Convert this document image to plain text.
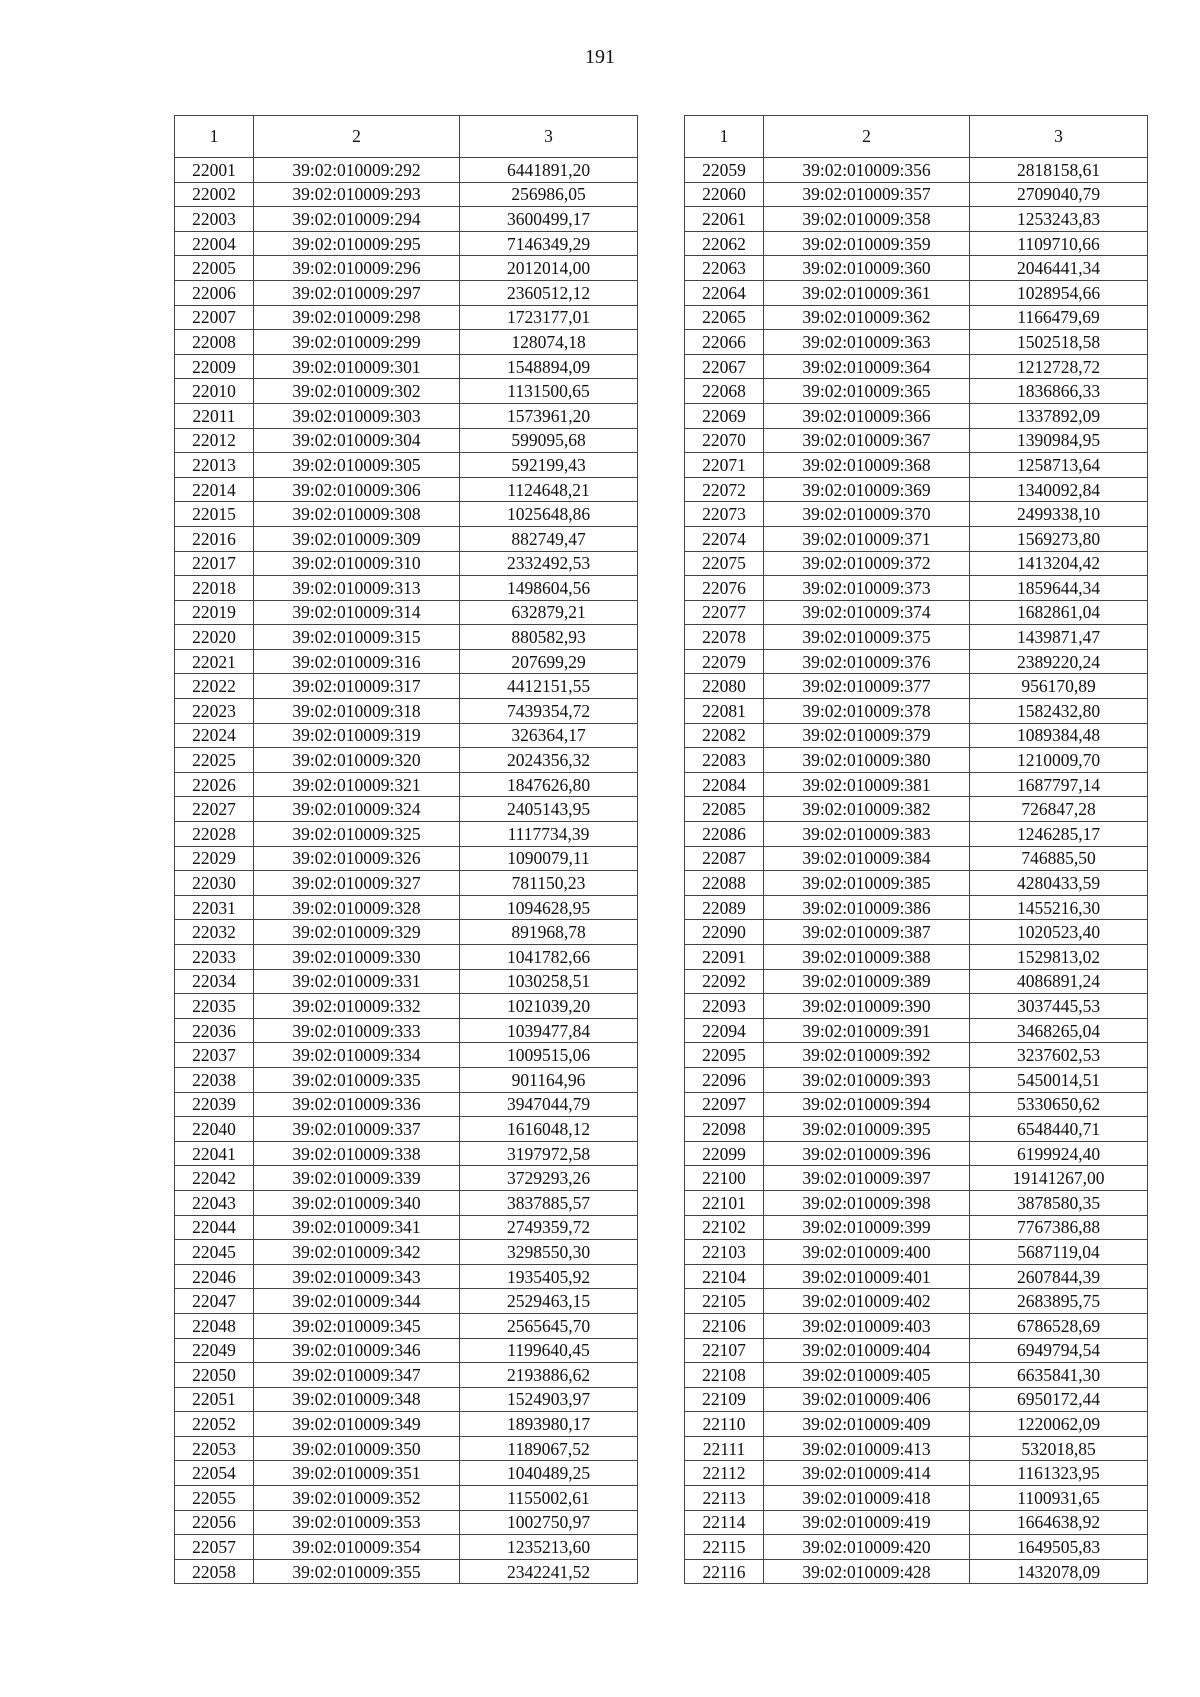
191
1	2	3
22001	39:02:010009:292	6441891,20
22002	39:02:010009:293	256986,05
22003	39:02:010009:294	3600499,17
22004	39:02:010009:295	7146349,29
22005	39:02:010009:296	2012014,00
22006	39:02:010009:297	2360512,12
22007	39:02:010009:298	1723177,01
22008	39:02:010009:299	128074,18
22009	39:02:010009:301	1548894,09
22010	39:02:010009:302	1131500,65
22011	39:02:010009:303	1573961,20
22012	39:02:010009:304	599095,68
22013	39:02:010009:305	592199,43
22014	39:02:010009:306	1124648,21
22015	39:02:010009:308	1025648,86
22016	39:02:010009:309	882749,47
22017	39:02:010009:310	2332492,53
22018	39:02:010009:313	1498604,56
22019	39:02:010009:314	632879,21
22020	39:02:010009:315	880582,93
22021	39:02:010009:316	207699,29
22022	39:02:010009:317	4412151,55
22023	39:02:010009:318	7439354,72
22024	39:02:010009:319	326364,17
22025	39:02:010009:320	2024356,32
22026	39:02:010009:321	1847626,80
22027	39:02:010009:324	2405143,95
22028	39:02:010009:325	1117734,39
22029	39:02:010009:326	1090079,11
22030	39:02:010009:327	781150,23
22031	39:02:010009:328	1094628,95
22032	39:02:010009:329	891968,78
22033	39:02:010009:330	1041782,66
22034	39:02:010009:331	1030258,51
22035	39:02:010009:332	1021039,20
22036	39:02:010009:333	1039477,84
22037	39:02:010009:334	1009515,06
22038	39:02:010009:335	901164,96
22039	39:02:010009:336	3947044,79
22040	39:02:010009:337	1616048,12
22041	39:02:010009:338	3197972,58
22042	39:02:010009:339	3729293,26
22043	39:02:010009:340	3837885,57
22044	39:02:010009:341	2749359,72
22045	39:02:010009:342	3298550,30
22046	39:02:010009:343	1935405,92
22047	39:02:010009:344	2529463,15
22048	39:02:010009:345	2565645,70
22049	39:02:010009:346	1199640,45
22050	39:02:010009:347	2193886,62
22051	39:02:010009:348	1524903,97
22052	39:02:010009:349	1893980,17
22053	39:02:010009:350	1189067,52
22054	39:02:010009:351	1040489,25
22055	39:02:010009:352	1155002,61
22056	39:02:010009:353	1002750,97
22057	39:02:010009:354	1235213,60
22058	39:02:010009:355	2342241,52
1	2	3
22059	39:02:010009:356	2818158,61
22060	39:02:010009:357	2709040,79
22061	39:02:010009:358	1253243,83
22062	39:02:010009:359	1109710,66
22063	39:02:010009:360	2046441,34
22064	39:02:010009:361	1028954,66
22065	39:02:010009:362	1166479,69
22066	39:02:010009:363	1502518,58
22067	39:02:010009:364	1212728,72
22068	39:02:010009:365	1836866,33
22069	39:02:010009:366	1337892,09
22070	39:02:010009:367	1390984,95
22071	39:02:010009:368	1258713,64
22072	39:02:010009:369	1340092,84
22073	39:02:010009:370	2499338,10
22074	39:02:010009:371	1569273,80
22075	39:02:010009:372	1413204,42
22076	39:02:010009:373	1859644,34
22077	39:02:010009:374	1682861,04
22078	39:02:010009:375	1439871,47
22079	39:02:010009:376	2389220,24
22080	39:02:010009:377	956170,89
22081	39:02:010009:378	1582432,80
22082	39:02:010009:379	1089384,48
22083	39:02:010009:380	1210009,70
22084	39:02:010009:381	1687797,14
22085	39:02:010009:382	726847,28
22086	39:02:010009:383	1246285,17
22087	39:02:010009:384	746885,50
22088	39:02:010009:385	4280433,59
22089	39:02:010009:386	1455216,30
22090	39:02:010009:387	1020523,40
22091	39:02:010009:388	1529813,02
22092	39:02:010009:389	4086891,24
22093	39:02:010009:390	3037445,53
22094	39:02:010009:391	3468265,04
22095	39:02:010009:392	3237602,53
22096	39:02:010009:393	5450014,51
22097	39:02:010009:394	5330650,62
22098	39:02:010009:395	6548440,71
22099	39:02:010009:396	6199924,40
22100	39:02:010009:397	19141267,00
22101	39:02:010009:398	3878580,35
22102	39:02:010009:399	7767386,88
22103	39:02:010009:400	5687119,04
22104	39:02:010009:401	2607844,39
22105	39:02:010009:402	2683895,75
22106	39:02:010009:403	6786528,69
22107	39:02:010009:404	6949794,54
22108	39:02:010009:405	6635841,30
22109	39:02:010009:406	6950172,44
22110	39:02:010009:409	1220062,09
22111	39:02:010009:413	532018,85
22112	39:02:010009:414	1161323,95
22113	39:02:010009:418	1100931,65
22114	39:02:010009:419	1664638,92
22115	39:02:010009:420	1649505,83
22116	39:02:010009:428	1432078,09
